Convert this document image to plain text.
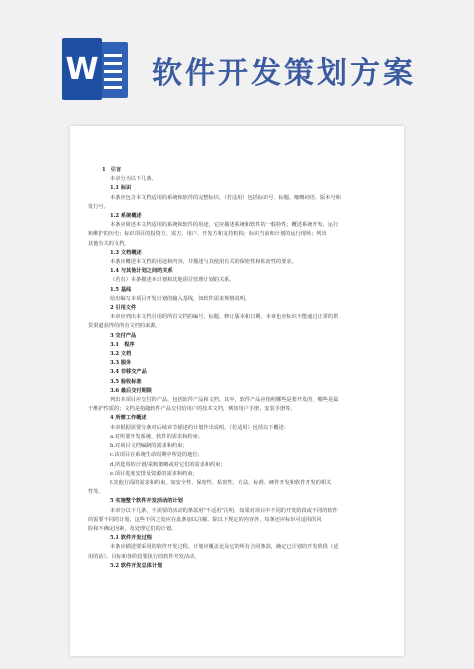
W 软件开发策划方案
1　引言
本章分为以下几条。
1.1 标识
本条应包含本文档适用的系统和软件的完整标识，（若适用）包括标识号、标题、缩略词语、版本号和
发行号。
1.2 系统概述
本条应简述本文档适用的系统和软件的用途，它应描述系统和软件的一般特性；概述系统开发、运行
和维护的历史；标识项目的投资方、需方、用户、开发方和支持机构；标识当前和计划的运行现场；列出
其他有关的文档。
1.3 文档概述
本条应概述本文档的用途和内容，并描述与其使用有关的保密性和私密性的要求。
1.4 与其他计划之间的关系
（若有）本条描述本计划和其他项目管理计划的关系。
1.5 基线
给出编写本项目开发计划的输入基线，如软件需求规格说明。
2 引用文件
本章应列出本文档引用的所有文档的编号、标题、修订版本和日期，本章也应标识不能通过正常的供
货渠道获得的所有文档的来源。
3 交付产品
3.1　程序
3.2 文档
3.3 服务
3.4 非移交产品
3.5 验收标准
3.6 最后交付期限
列出本项目应交付的产品，包括软件产品和文档。其中，软件产品应指明哪些是要开发的，哪些是属
于维护性质的；文档是指随软件产品交付给用户的技术文档，例如用户手册、安装手册等。
4 所需工作概述
本章根据需要分条对后续章节描述的计划作出说明，（若适用）包括以下概述：
a.对所要开发系统、软件的需求和约束；
b.对项目文档编制的需求和约束；
c.该项目在系统生命周期中所处的地位；
d.所选用的计划/采购策略或对它们的需求和约束；
e.项目进度安排及资源的需求和约束；
f.其他方面的需求和约束，如安全性、保密性、私密性、方法、标准、硬件开发和软件开发的相关
性等。
5 实施整个软件开发活动的计划
本章分以下几条，不需要的活动的条款用"不适用"注明，如果对项目中不同的开发阶段或不同的软件
的需要不同的计划，这些不同之处应在此条加以注解。除以下规定的内容外，每条还应标识可适用的风
险和不确定因素，及处理它们的计划。
5.1 软件开发过程
本条应描述要采用的软件开发过程。计划应覆盖论及它的所有合同条款，确定已计划的开发阶段（适
用的话）、目标和各阶段要执行的软件开发活动。
5.2 软件开发总体计划
